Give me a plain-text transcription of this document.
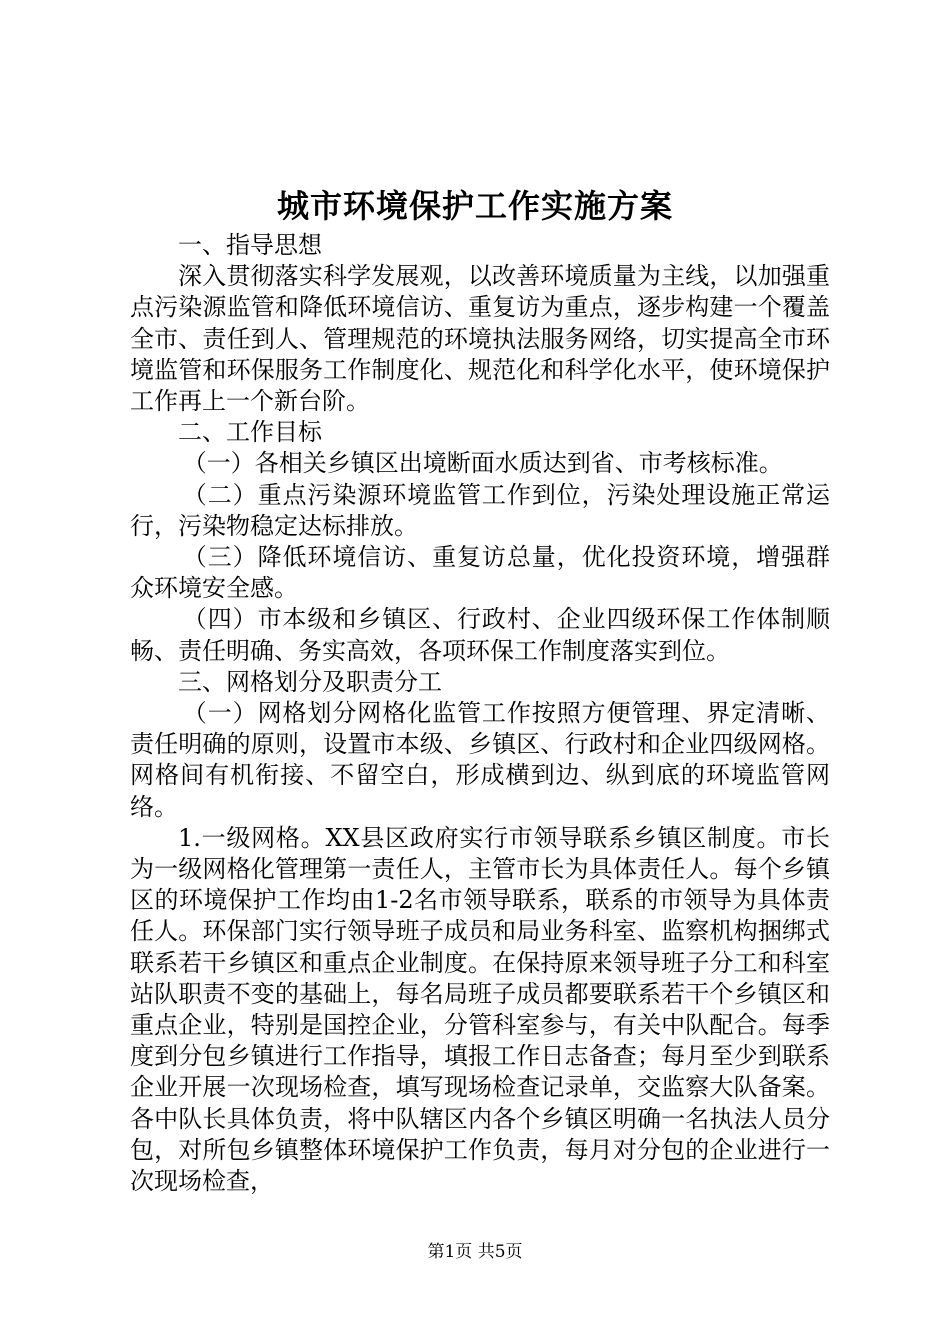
城市环境保护工作实施方案

一、指导思想

深入贯彻落实科学发展观，以改善环境质量为主线，以加强重点污染源监管和降低环境信访、重复访为重点，逐步构建一个覆盖全市、责任到人、管理规范的环境执法服务网络，切实提高全市环境监管和环保服务工作制度化、规范化和科学化水平，使环境保护工作再上一个新台阶。

二、工作目标

（一）各相关乡镇区出境断面水质达到省、市考核标准。

（二）重点污染源环境监管工作到位，污染处理设施正常运行，污染物稳定达标排放。

（三）降低环境信访、重复访总量，优化投资环境，增强群众环境安全感。

（四）市本级和乡镇区、行政村、企业四级环保工作体制顺畅、责任明确、务实高效，各项环保工作制度落实到位。

三、网格划分及职责分工

（一）网格划分网格化监管工作按照方便管理、界定清晰、责任明确的原则，设置市本级、乡镇区、行政村和企业四级网格。网格间有机衔接、不留空白，形成横到边、纵到底的环境监管网络。

1.一级网格。XX县区政府实行市领导联系乡镇区制度。市长为一级网格化管理第一责任人，主管市长为具体责任人。每个乡镇区的环境保护工作均由1-2名市领导联系，联系的市领导为具体责任人。环保部门实行领导班子成员和局业务科室、监察机构捆绑式联系若干乡镇区和重点企业制度。在保持原来领导班子分工和科室站队职责不变的基础上，每名局班子成员都要联系若干个乡镇区和重点企业，特别是国控企业，分管科室参与，有关中队配合。每季度到分包乡镇进行工作指导，填报工作日志备查；每月至少到联系企业开展一次现场检查，填写现场检查记录单，交监察大队备案。各中队长具体负责，将中队辖区内各个乡镇区明确一名执法人员分包，对所包乡镇整体环境保护工作负责，每月对分包的企业进行一次现场检查，

第1页 共5页
